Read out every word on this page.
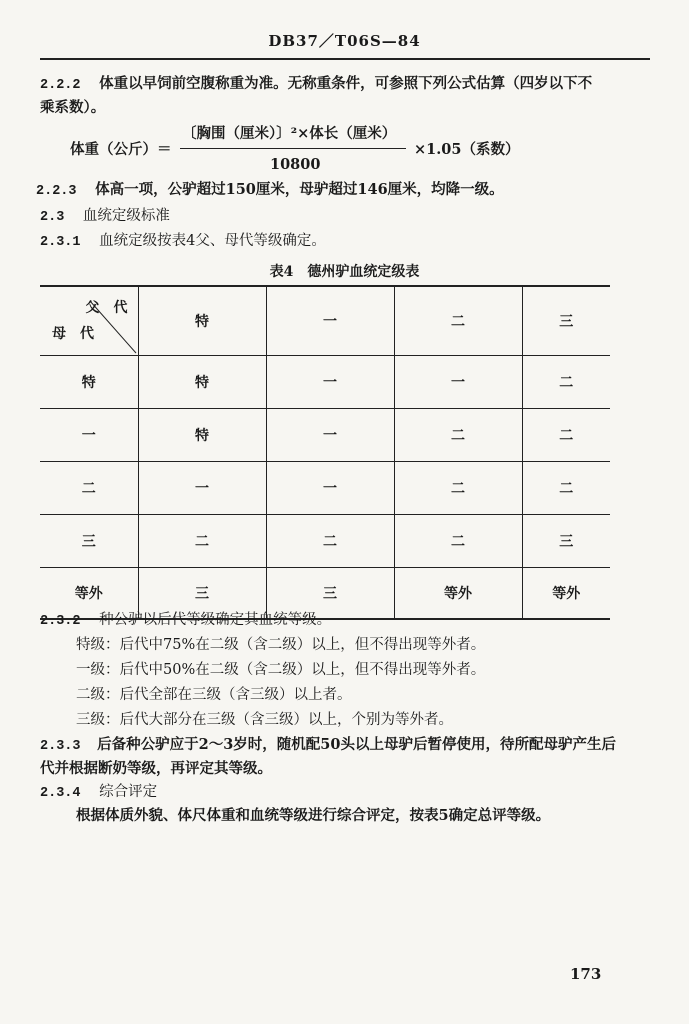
DB37／T06S—84
2.2.2 体重以早饲前空腹称重为准。无称重条件，可参照下列公式估算（四岁以下不
乘系数）。
〔胸围（厘米）〕²×体长（厘米）
体重（公斤）＝
10800
×1.05（系数）
2.2.3 体高一项，公驴超过150厘米，母驴超过146厘米，均降一级。
2.3 血统定级标准
2.3.1 血统定级按表4父、母代等级确定。
表4　德州驴血统定级表
父　代
母　代	特	一	二	三
特	特	一	一	二
一	特	一	二	二
二	一	一	二	二
三	二	二	二	三
等外	三	三	等外	等外
2.3.2 种公驴以后代等级确定其血统等级。
特级：后代中75%在二级（含二级）以上，但不得出现等外者。
一级：后代中50%在二级（含二级）以上，但不得出现等外者。
二级：后代全部在三级（含三级）以上者。
三级：后代大部分在三级（含三级）以上，个别为等外者。
2.3.3 后备种公驴应于2～3岁时，随机配50头以上母驴后暂停使用，待所配母驴产生后
代并根据断奶等级，再评定其等级。
2.3.4 综合评定
根据体质外貌、体尺体重和血统等级进行综合评定，按表5确定总评等级。
173
